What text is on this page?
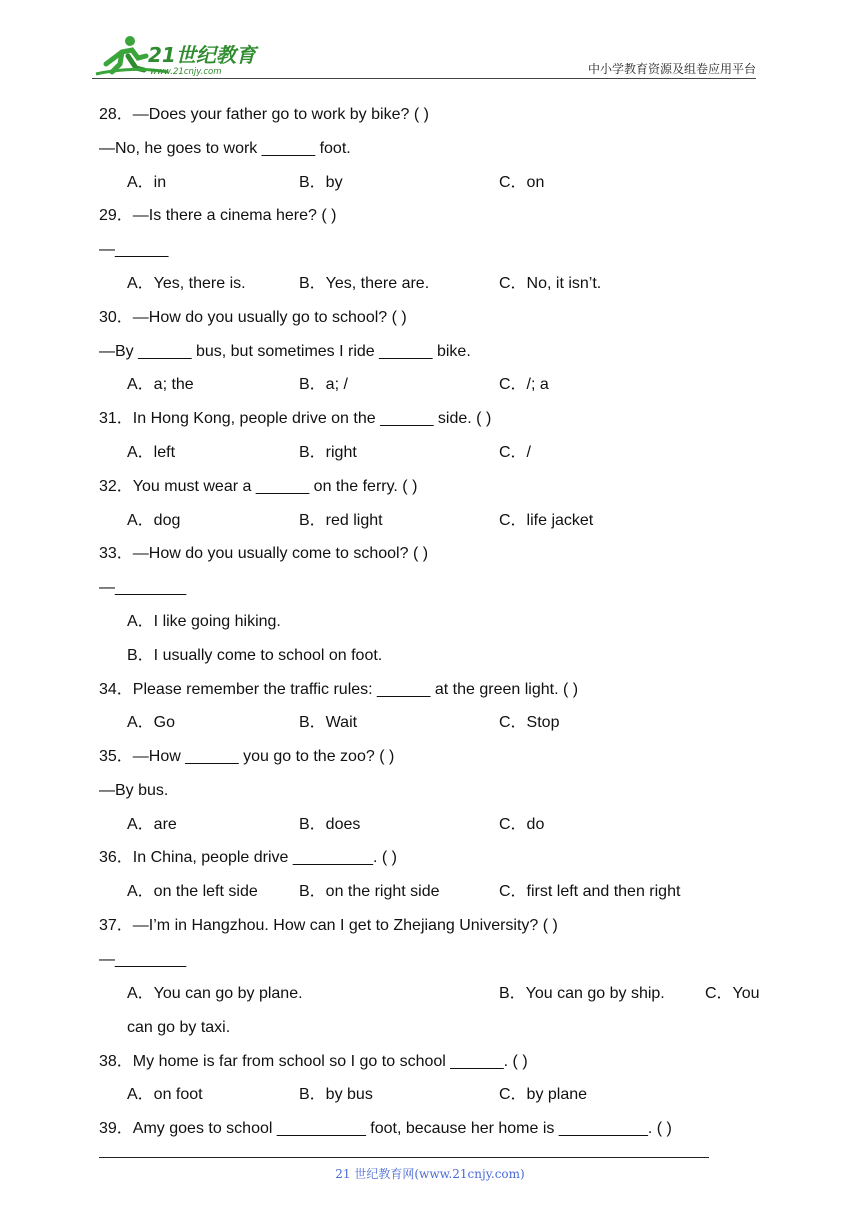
21世纪教育
www.21cnjy.com	中小学教育资源及组卷应用平台
28．—Does your father go to work by bike? ( )
—No, he goes to work ______ foot.
A．in	B．by	C．on
29．—Is there a cinema here? ( )
—______
A．Yes, there is.	B．Yes, there are.	C．No, it isn’t.
30．—How do you usually go to school? ( )
—By ______ bus, but sometimes I ride ______ bike.
A．a; the	B．a; /	C．/; a
31．In Hong Kong, people drive on the ______ side. ( )
A．left	B．right	C．/
32．You must wear a ______ on the ferry. ( )
A．dog	B．red light	C．life jacket
33．—How do you usually come to school? ( )
—________
A．I like going hiking.
B．I usually come to school on foot.
34．Please remember the traffic rules: ______ at the green light. ( )
A．Go	B．Wait	C．Stop
35．—How ______ you go to the zoo? ( )
—By bus.
A．are	B．does	C．do
36．In China, people drive _________. ( )
A．on the left side	B．on the right side	C．first left and then right
37．—I’m in Hangzhou. How can I get to Zhejiang University? ( )
—________
A．You can go by plane.	B．You can go by ship.	C．You
can go by taxi.
38．My home is far from school so I go to school ______. ( )
A．on foot	B．by bus	C．by plane
39．Amy goes to school __________ foot, because her home is __________. ( )
21 世纪教育网(www.21cnjy.com)
